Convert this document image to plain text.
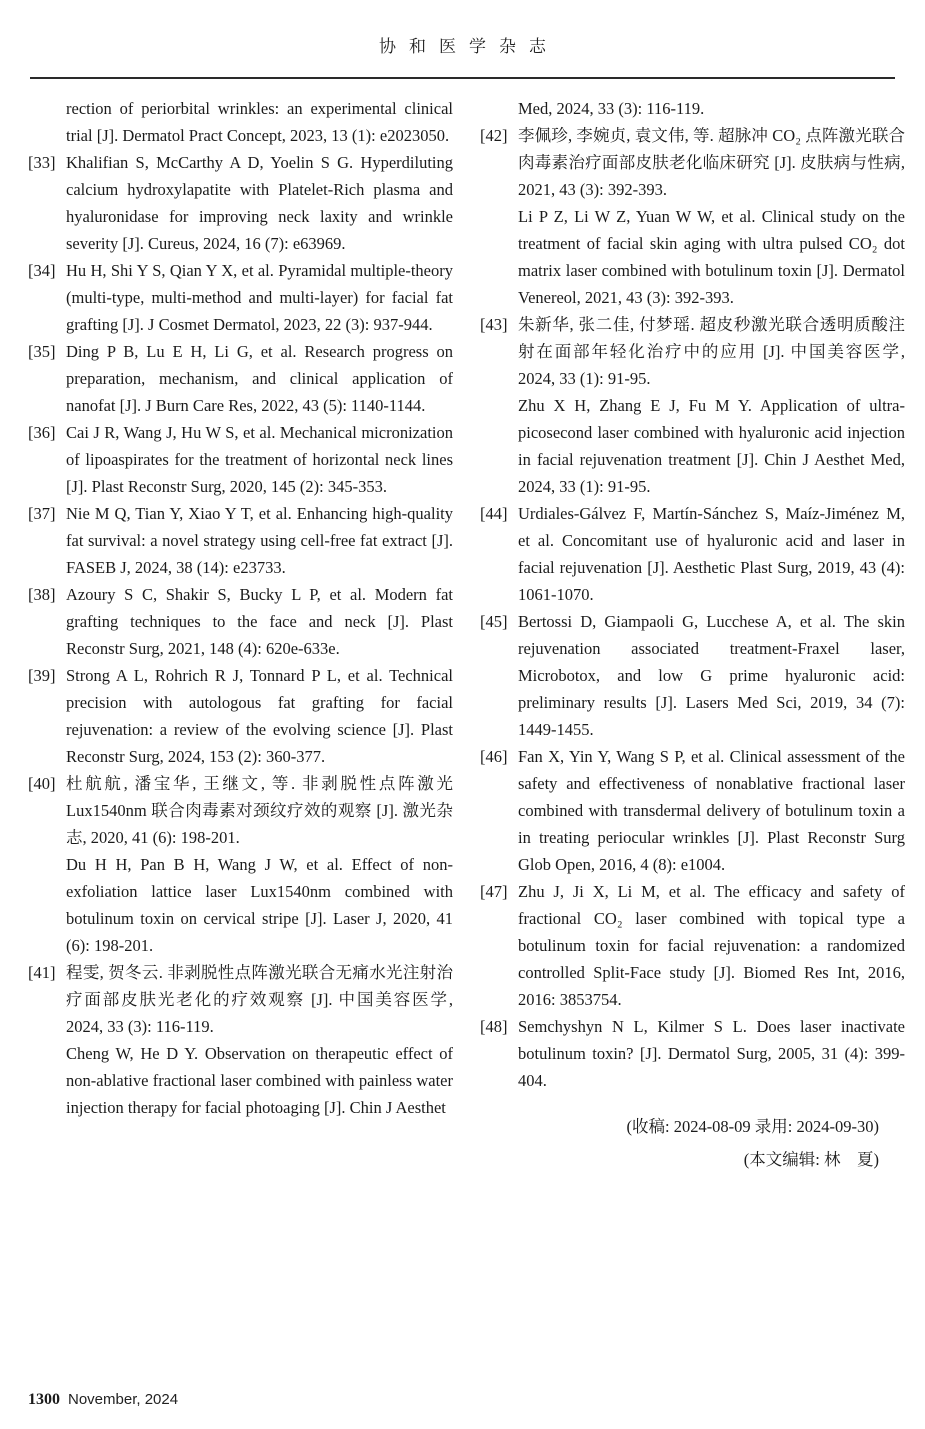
协和医学杂志

rection of periorbital wrinkles: an experimental clinical trial [J]. Dermatol Pract Concept, 2023, 13 (1): e2023050.

[33] Khalifian S, McCarthy A D, Yoelin S G. Hyperdiluting calcium hydroxylapatite with Platelet-Rich plasma and hyaluronidase for improving neck laxity and wrinkle severity [J]. Cureus, 2024, 16 (7): e63969.

[34] Hu H, Shi Y S, Qian Y X, et al. Pyramidal multiple-theory (multi-type, multi-method and multi-layer) for facial fat grafting [J]. J Cosmet Dermatol, 2023, 22 (3): 937-944.

[35] Ding P B, Lu E H, Li G, et al. Research progress on preparation, mechanism, and clinical application of nanofat [J]. J Burn Care Res, 2022, 43 (5): 1140-1144.

[36] Cai J R, Wang J, Hu W S, et al. Mechanical micronization of lipoaspirates for the treatment of horizontal neck lines [J]. Plast Reconstr Surg, 2020, 145 (2): 345-353.

[37] Nie M Q, Tian Y, Xiao Y T, et al. Enhancing high-quality fat survival: a novel strategy using cell-free fat extract [J]. FASEB J, 2024, 38 (14): e23733.

[38] Azoury S C, Shakir S, Bucky L P, et al. Modern fat grafting techniques to the face and neck [J]. Plast Reconstr Surg, 2021, 148 (4): 620e-633e.

[39] Strong A L, Rohrich R J, Tonnard P L, et al. Technical precision with autologous fat grafting for facial rejuvenation: a review of the evolving science [J]. Plast Reconstr Surg, 2024, 153 (2): 360-377.

[40] 杜航航, 潘宝华, 王继文, 等. 非剥脱性点阵激光 Lux1540nm 联合肉毒素对颈纹疗效的观察 [J]. 激光杂志, 2020, 41 (6): 198-201.

Du H H, Pan B H, Wang J W, et al. Effect of non-exfoliation lattice laser Lux1540nm combined with botulinum toxin on cervical stripe [J]. Laser J, 2020, 41 (6): 198-201.

[41] 程雯, 贺冬云. 非剥脱性点阵激光联合无痛水光注射治疗面部皮肤光老化的疗效观察 [J]. 中国美容医学, 2024, 33 (3): 116-119.

Cheng W, He D Y. Observation on therapeutic effect of non-ablative fractional laser combined with painless water injection therapy for facial photoaging [J]. Chin J Aesthet

Med, 2024, 33 (3): 116-119.

[42] 李佩珍, 李婉贞, 袁文伟, 等. 超脉冲 CO₂ 点阵激光联合肉毒素治疗面部皮肤老化临床研究 [J]. 皮肤病与性病, 2021, 43 (3): 392-393.

Li P Z, Li W Z, Yuan W W, et al. Clinical study on the treatment of facial skin aging with ultra pulsed CO₂ dot matrix laser combined with botulinum toxin [J]. Dermatol Venereol, 2021, 43 (3): 392-393.

[43] 朱新华, 张二佳, 付梦瑶. 超皮秒激光联合透明质酸注射在面部年轻化治疗中的应用 [J]. 中国美容医学, 2024, 33 (1): 91-95.

Zhu X H, Zhang E J, Fu M Y. Application of ultra-picosecond laser combined with hyaluronic acid injection in facial rejuvenation treatment [J]. Chin J Aesthet Med, 2024, 33 (1): 91-95.

[44] Urdiales-Gálvez F, Martín-Sánchez S, Maíz-Jiménez M, et al. Concomitant use of hyaluronic acid and laser in facial rejuvenation [J]. Aesthetic Plast Surg, 2019, 43 (4): 1061-1070.

[45] Bertossi D, Giampaoli G, Lucchese A, et al. The skin rejuvenation associated treatment-Fraxel laser, Microbotox, and low G prime hyaluronic acid: preliminary results [J]. Lasers Med Sci, 2019, 34 (7): 1449-1455.

[46] Fan X, Yin Y, Wang S P, et al. Clinical assessment of the safety and effectiveness of nonablative fractional laser combined with transdermal delivery of botulinum toxin a in treating periocular wrinkles [J]. Plast Reconstr Surg Glob Open, 2016, 4 (8): e1004.

[47] Zhu J, Ji X, Li M, et al. The efficacy and safety of fractional CO₂ laser combined with topical type a botulinum toxin for facial rejuvenation: a randomized controlled Split-Face study [J]. Biomed Res Int, 2016, 2016: 3853754.

[48] Semchyshyn N L, Kilmer S L. Does laser inactivate botulinum toxin? [J]. Dermatol Surg, 2005, 31 (4): 399-404.

(收稿: 2024-08-09 录用: 2024-09-30)
(本文编辑: 林　夏)
1300 November, 2024
